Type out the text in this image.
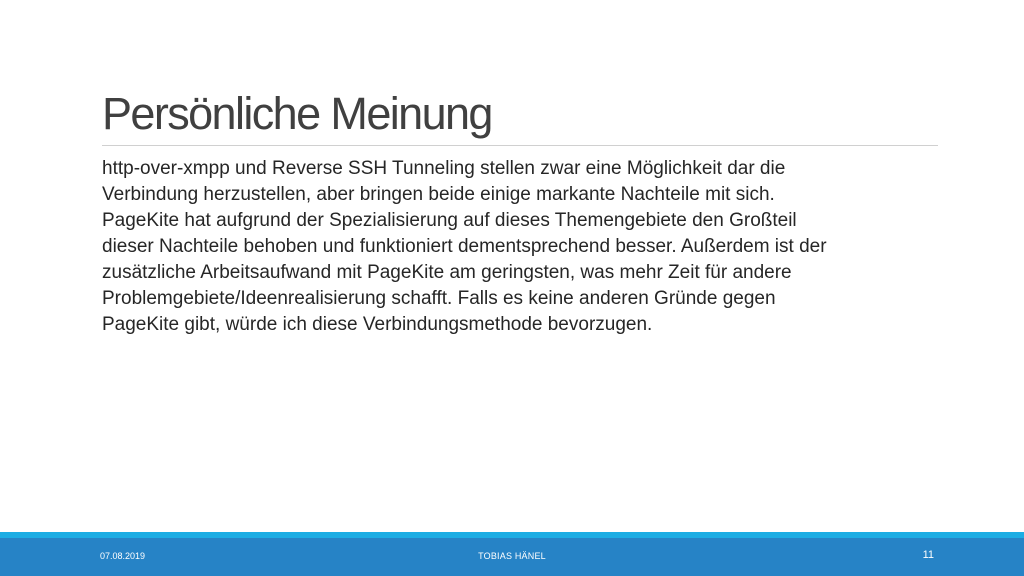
Persönliche Meinung
http-over-xmpp und Reverse SSH Tunneling stellen zwar eine Möglichkeit dar die
Verbindung herzustellen, aber bringen beide einige markante Nachteile mit sich.
PageKite hat aufgrund der Spezialisierung auf dieses Themengebiete den Großteil
dieser Nachteile behoben und funktioniert dementsprechend besser. Außerdem ist der
zusätzliche Arbeitsaufwand mit PageKite am geringsten, was mehr Zeit für andere
Problemgebiete/Ideenrealisierung schafft. Falls es keine anderen Gründe gegen
PageKite gibt, würde ich diese Verbindungsmethode bevorzugen.
07.08.2019	TOBIAS HÄNEL	11
